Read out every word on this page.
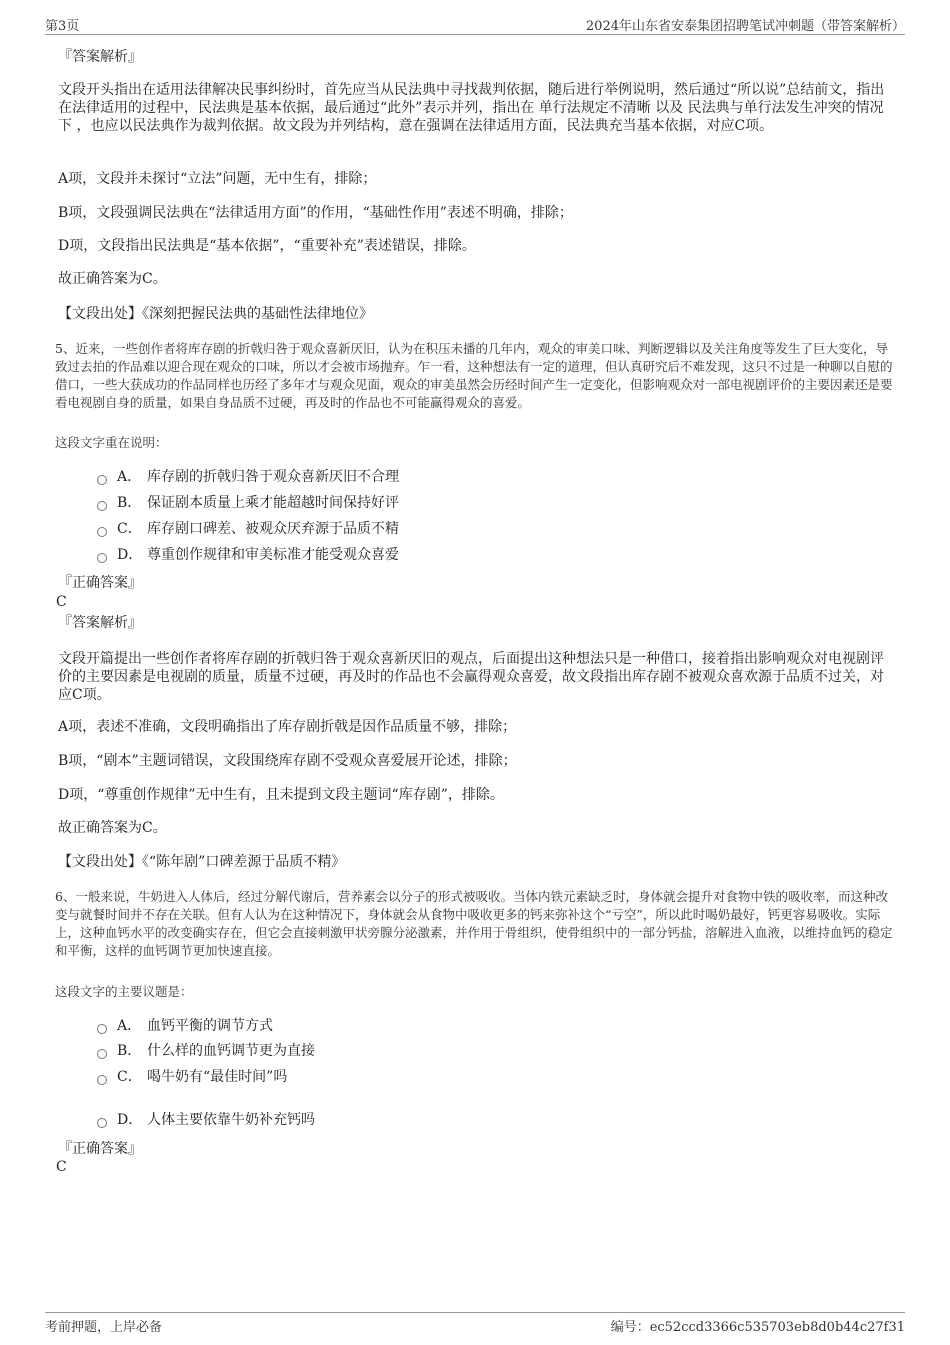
第3页	2024年山东省安泰集团招聘笔试冲刺题（带答案解析）
『答案解析』
文段开头指出在适用法律解决民事纠纷时，首先应当从民法典中寻找裁判依据，随后进行举例说明，然后通过“所以说”总结前文，指出在法律适用的过程中，民法典是基本依据，最后通过“此外”表示并列，指出在 单行法规定不清晰 以及 民法典与单行法发生冲突的情况下 ，也应以民法典作为裁判依据。故文段为并列结构，意在强调在法律适用方面，民法典充当基本依据，对应C项。
A项，文段并未探讨“立法”问题，无中生有，排除；
B项，文段强调民法典在“法律适用方面”的作用，“基础性作用”表述不明确，排除；
D项，文段指出民法典是“基本依据”，“重要补充”表述错误，排除。
故正确答案为C。
【文段出处】《深刻把握民法典的基础性法律地位》
5、近来，一些创作者将库存剧的折戟归咎于观众喜新厌旧，认为在积压未播的几年内，观众的审美口味、判断逻辑以及关注角度等发生了巨大变化，导致过去拍的作品难以迎合现在观众的口味，所以才会被市场抛弃。乍一看，这种想法有一定的道理，但认真研究后不难发现，这只不过是一种聊以自慰的借口，一些大获成功的作品同样也历经了多年才与观众见面，观众的审美虽然会历经时间产生一定变化，但影响观众对一部电视剧评价的主要因素还是要看电视剧自身的质量，如果自身品质不过硬，再及时的作品也不可能赢得观众的喜爱。
这段文字重在说明：
A． 库存剧的折戟归咎于观众喜新厌旧不合理
B． 保证剧本质量上乘才能超越时间保持好评
C． 库存剧口碑差、被观众厌弃源于品质不精
D． 尊重创作规律和审美标准才能受观众喜爱
『正确答案』
C
『答案解析』
文段开篇提出一些创作者将库存剧的折戟归咎于观众喜新厌旧的观点，后面提出这种想法只是一种借口，接着指出影响观众对电视剧评价的主要因素是电视剧的质量，质量不过硬，再及时的作品也不会赢得观众喜爱，故文段指出库存剧不被观众喜欢源于品质不过关，对应C项。
A项，表述不准确，文段明确指出了库存剧折戟是因作品质量不够，排除；
B项，“剧本”主题词错误，文段围绕库存剧不受观众喜爱展开论述，排除；
D项，“尊重创作规律”无中生有，且未提到文段主题词“库存剧”，排除。
故正确答案为C。
【文段出处】《“陈年剧”口碑差源于品质不精》
6、一般来说，牛奶进入人体后，经过分解代谢后，营养素会以分子的形式被吸收。当体内铁元素缺乏时，身体就会提升对食物中铁的吸收率，而这种改变与就餐时间并不存在关联。但有人认为在这种情况下，身体就会从食物中吸收更多的钙来弥补这个“亏空”，所以此时喝奶最好，钙更容易吸收。实际上，这种血钙水平的改变确实存在，但它会直接刺激甲状旁腺分泌激素，并作用于骨组织，使骨组织中的一部分钙盐，溶解进入血液，以维持血钙的稳定和平衡，这样的血钙调节更加快速直接。
这段文字的主要议题是：
A． 血钙平衡的调节方式
B． 什么样的血钙调节更为直接
C． 喝牛奶有“最佳时间”吗
D． 人体主要依靠牛奶补充钙吗
『正确答案』
C
考前押题，上岸必备	编号：ec52ccd3366c535703eb8d0b44c27f31
